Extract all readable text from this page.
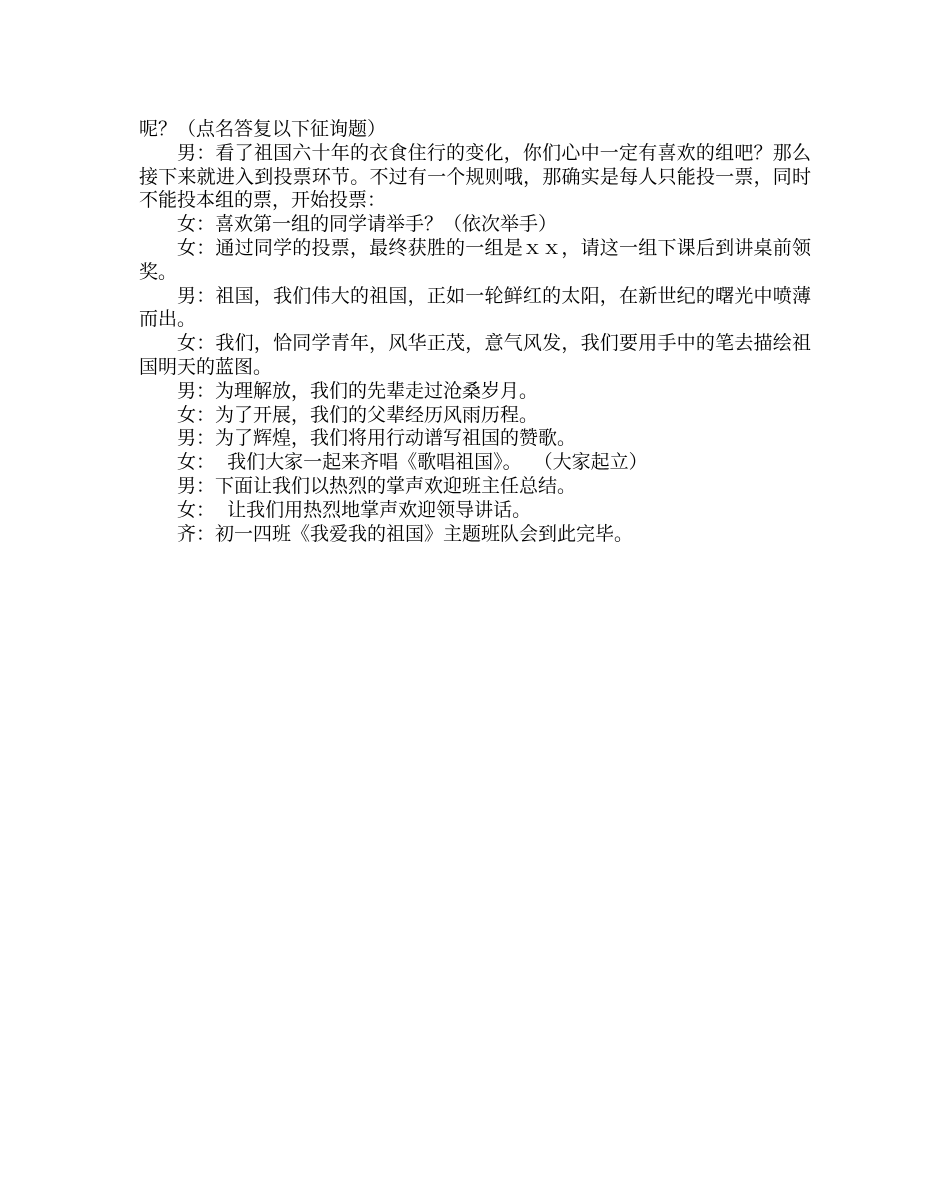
呢？（点名答复以下征询题）

男：看了祖国六十年的衣食住行的变化，你们心中一定有喜欢的组吧？那么接下来就进入到投票环节。不过有一个规则哦，那确实是每人只能投一票，同时不能投本组的票，开始投票：

女：喜欢第一组的同学请举手？（依次举手）

女：通过同学的投票，最终获胜的一组是ｘｘ，请这一组下课后到讲桌前领奖。

男：祖国，我们伟大的祖国，正如一轮鲜红的太阳，在新世纪的曙光中喷薄而出。

女：我们，恰同学青年，风华正茂，意气风发，我们要用手中的笔去描绘祖国明天的蓝图。

男：为理解放，我们的先辈走过沧桑岁月。

女：为了开展，我们的父辈经历风雨历程。

男：为了辉煌，我们将用行动谱写祖国的赞歌。

女：  我们大家一起来齐唱《歌唱祖国》。  （大家起立）

男：下面让我们以热烈的掌声欢迎班主任总结。

女：  让我们用热烈地掌声欢迎领导讲话。

齐：初一四班《我爱我的祖国》主题班队会到此完毕。
